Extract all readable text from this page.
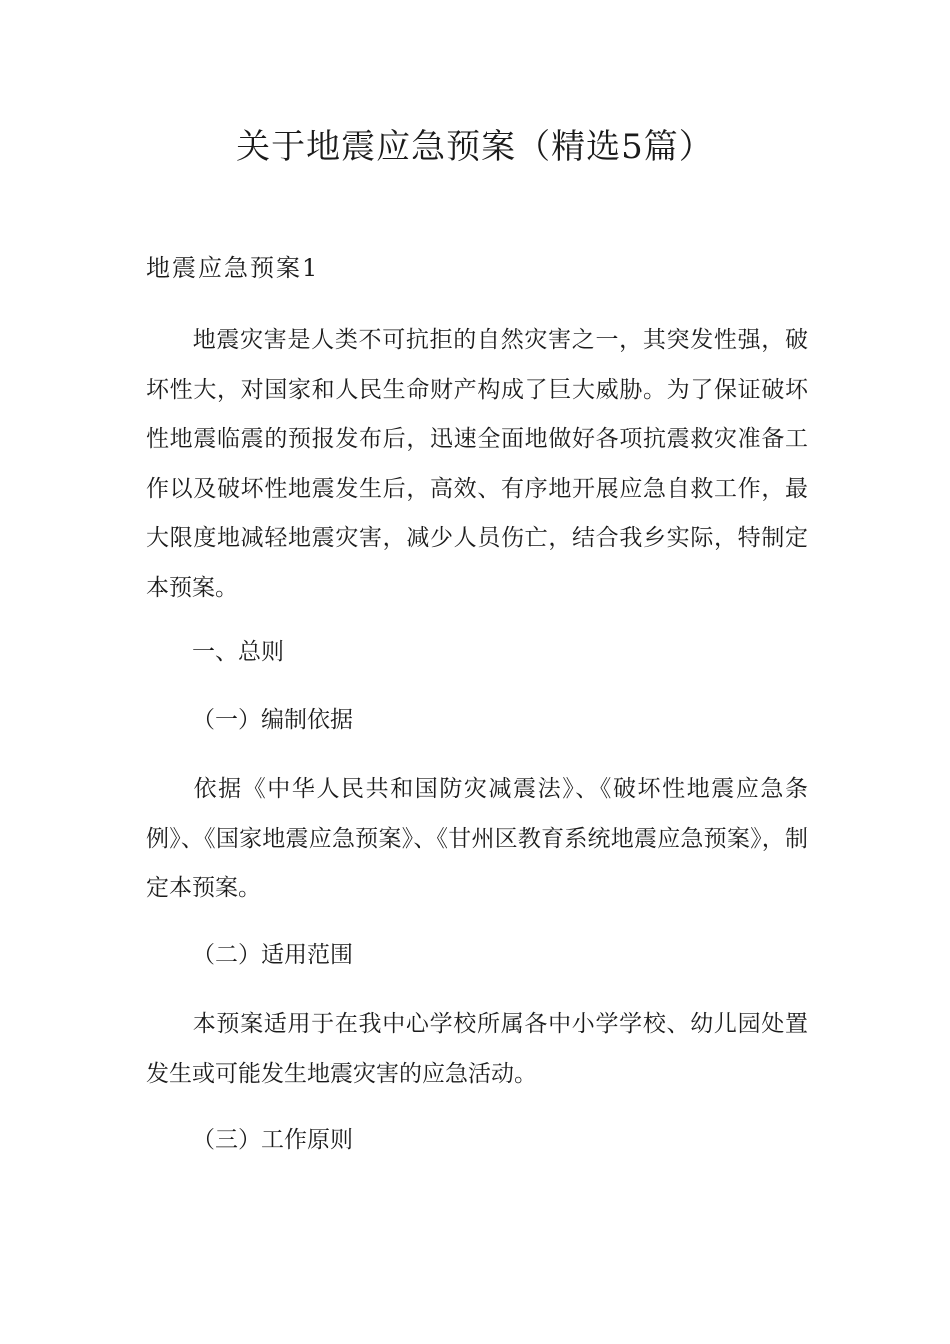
关于地震应急预案（精选5篇）
地震应急预案1

地震灾害是人类不可抗拒的自然灾害之一，其突发性强，破坏性大，对国家和人民生命财产构成了巨大威胁。为了保证破坏性地震临震的预报发布后，迅速全面地做好各项抗震救灾准备工作以及破坏性地震发生后，高效、有序地开展应急自救工作，最大限度地减轻地震灾害，减少人员伤亡，结合我乡实际，特制定本预案。

一、总则

（一）编制依据

依据《中华人民共和国防灾减震法》、《破坏性地震应急条例》、《国家地震应急预案》、《甘州区教育系统地震应急预案》，制定本预案。

（二）适用范围

本预案适用于在我中心学校所属各中小学学校、幼儿园处置发生或可能发生地震灾害的应急活动。

（三）工作原则
